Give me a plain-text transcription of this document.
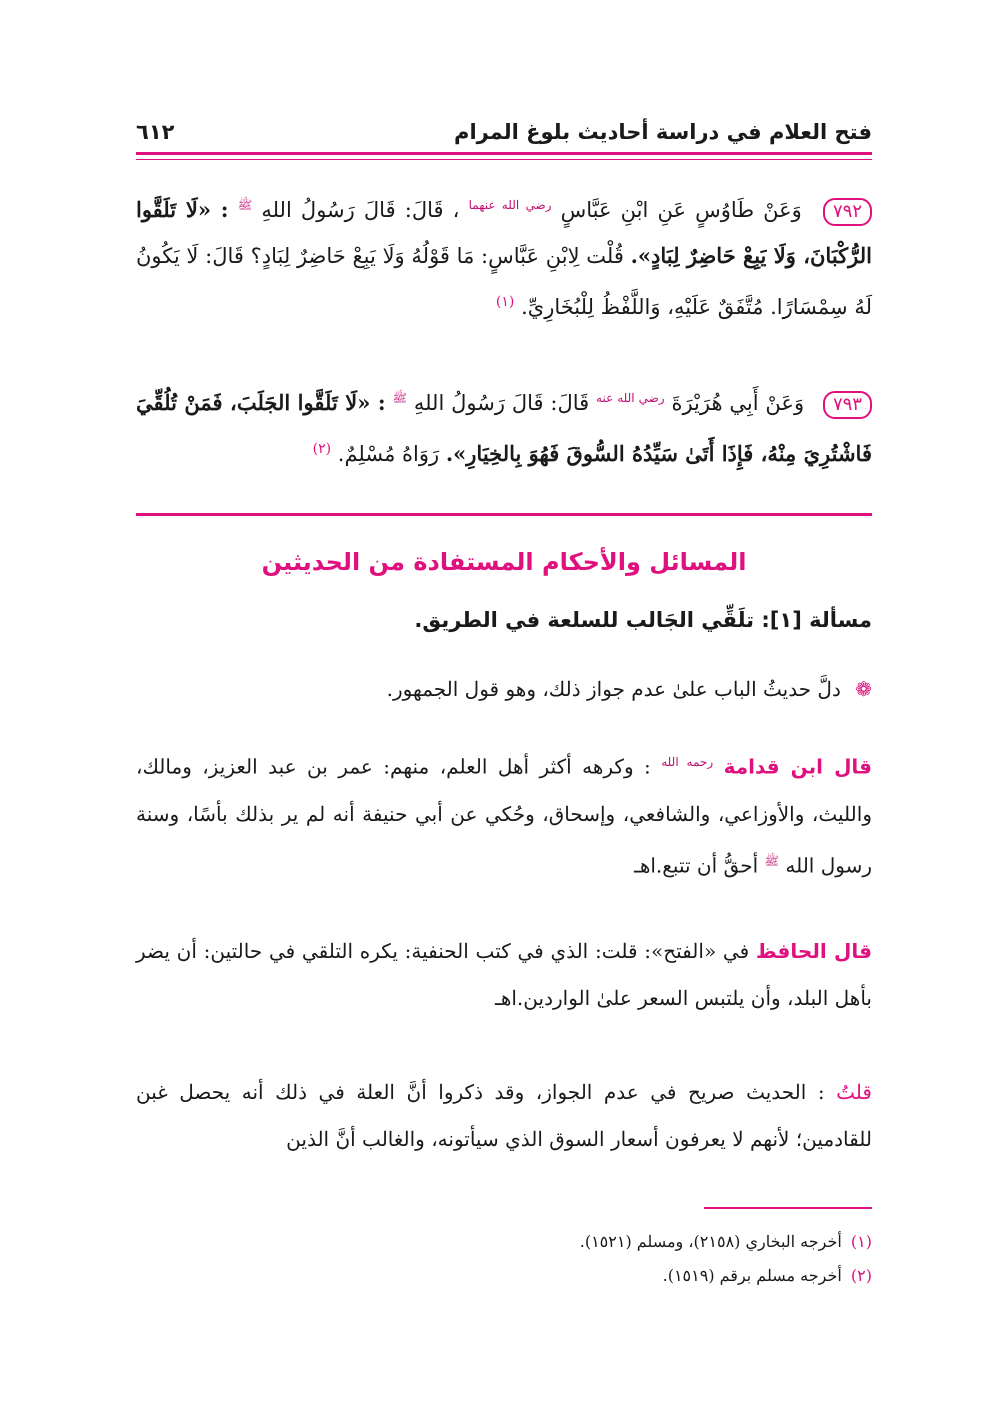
فتح العلام في دراسة أحاديث بلوغ المرام
٦١٢
٧٩٢ وَعَنْ طَاوُسٍ عَنِ ابْنِ عَبَّاسٍ $^{رضي الله عنهما}$ ، قَالَ: قَالَ رَسُولُ اللهِ $^ﷺ$ : «لَا تَلَقَّوا الرُّكْبَانَ، وَلَا يَبِعْ حَاضِرٌ لِبَادٍ». قُلْت لِابْنِ عَبَّاسٍ: مَا قَوْلُهُ وَلَا يَبِعْ حَاضِرٌ لِبَادٍ؟ قَالَ: لَا يَكُونُ لَهُ سِمْسَارًا. مُتَّفَقٌ عَلَيْهِ، وَاللَّفْظُ لِلْبُخَارِيِّ. $^{(١)}$
٧٩٣ وَعَنْ أَبِي هُرَيْرَةَ $^{رضي الله عنه}$ قَالَ: قَالَ رَسُولُ اللهِ $^ﷺ$ : «لَا تَلَقَّوا الجَلَبَ، فَمَنْ تُلُقِّيَ فَاشْتُرِيَ مِنْهُ، فَإِذَا أَتَىٰ سَيِّدُهُ السُّوقَ فَهُوَ بِالخِيَارِ». رَوَاهُ مُسْلِمٌ. $^{(٢)}$
المسائل والأحكام المستفادة من الحديثين
مسألة [١]: تلَقِّي الجَالب للسلعة في الطريق.
❁ دلَّ حديثُ الباب علىٰ عدم جواز ذلك، وهو قول الجمهور.
قال ابن قدامة $^{رحمه الله}$ : وكرهه أكثر أهل العلم، منهم: عمر بن عبد العزيز، ومالك، والليث، والأوزاعي، والشافعي، وإسحاق، وحُكي عن أبي حنيفة أنه لم ير بذلك بأسًا، وسنة رسول الله $^ﷺ$ أحقُّ أن تتبع.اهـ
قال الحافظ في «الفتح»: قلت: الذي في كتب الحنفية: يكره التلقي في حالتين: أن يضر بأهل البلد، وأن يلتبس السعر علىٰ الواردين.اهـ
قلتُ : الحديث صريح في عدم الجواز، وقد ذكروا أنَّ العلة في ذلك أنه يحصل غبن للقادمين؛ لأنهم لا يعرفون أسعار السوق الذي سيأتونه، والغالب أنَّ الذين
(١) أخرجه البخاري (٢١٥٨)، ومسلم (١٥٢١).
(٢) أخرجه مسلم برقم (١٥١٩).
